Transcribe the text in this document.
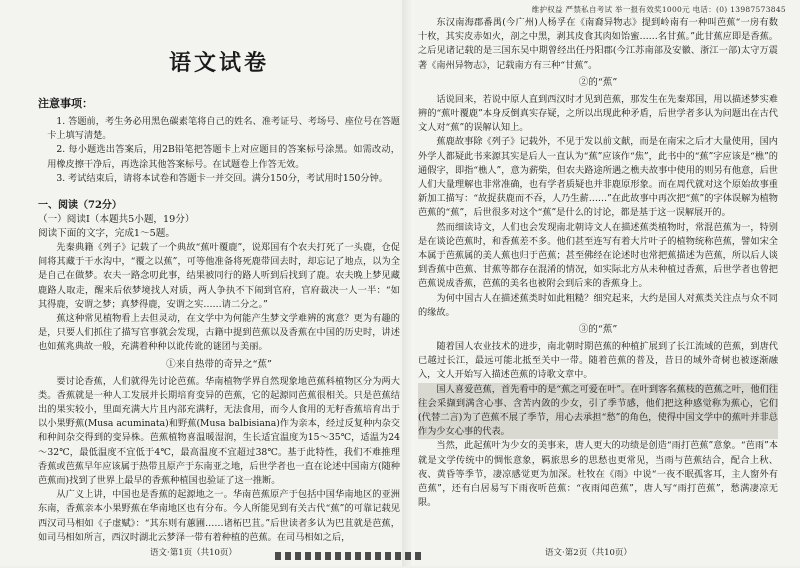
维护权益 严禁私自考试 举一报有效奖1000元 电话：(0) 13987573845
语文试卷
注意事项：

1. 答题前，考生务必用黑色碳素笔将自己的姓名、准考证号、考场号、座位号在答题卡上填写清楚。

2. 每小题选出答案后，用2B铅笔把答题卡上对应题目的答案标号涂黑。如需改动，用橡皮擦干净后，再选涂其他答案标号。在试题卷上作答无效。

3. 考试结束后，请将本试卷和答题卡一并交回。满分150分，考试用时150分钟。

一、阅读（72分）

（一）阅读Ⅰ（本题共5小题，19分）

阅读下面的文字，完成1～5题。

先秦典籍《列子》记载了一个典故“蕉叶覆鹿”，说郑国有个农夫打死了一头鹿，仓促间将其藏于干水沟中，“覆之以蕉”，可等他准备将死鹿带回去时，却忘记了地点，以为全是自己在做梦。农夫一路念叨此事，结果被同行的路人听到后找到了鹿。农夫晚上梦见藏鹿路人取走，醒来后依梦境找人对质，两人争执不下闹到官府，官府裁决一人一半：“如其得鹿，安谓之梦；真梦得鹿，安谓之实……请二分之。”

蕉这种常见植物看上去但灵动，在文学中为何能产生梦文学难辨的寓意？更为有趣的是，只要人们抓住了描写官事就会发现，古籍中提到芭蕉以及香蕉在中国的历史时，讲述也如蕉兆典故一般，充满着种种以讹传讹的谜团与美丽。

①来自热带的奇异之“蕉”

要讨论香蕉，人们就得先讨论芭蕉。华南植物学界自然现象地芭蕉科植物区分为两大类。香蕉就是一种人工发展并长期培育变异的芭蕉，它的起源同芭蕉很相关。只是芭蕉结出的果实较小，里面充满大片且内部充满籽，无法食用，而今人食用的无籽香蕉培育出于以小果野蕉(Musa acuminata)和野蕉(Musa balbisiana)作为亲本，经过反复种内杂交和种间杂交得到的变异株。芭蕉植物喜温暖湿润，生长适宜温度为15～35℃，适温为24～32℃，最低温度不宜低于4℃，最高温度不宜超过38℃。基于此特性，我们不难推理香蕉或芭蕉早年应该属于热带且原产于东南亚之地，后世学者也一直在论述中国南方(随种芭蕉而)找到了世界上最早的香蕉种植国也验证了这一推断。

从广义上讲，中国也是香蕉的起源地之一。华南芭蕉原产于包括中国华南地区的亚洲东南，香蕉亲本小果野蕉在华南地区也有分布。今人所能见到有关古代“蕉”的可靠记载见西汉司马相如《子虚赋》：“其东则有蕙圃……诸柘巴苴。”后世读者多认为巴苴就是芭蕉，如司马相如所言，西汉时湖北云梦泽一带有着种植的芭蕉。在司马相如之后，

东汉南海郡番禺(今广州)人杨孚在《南裔异物志》提到岭南有一种叫芭蕉“一房有数十枚，其实皮赤如火，剖之中黑，剥其皮食其肉如饴蜜……名甘蕉。”此甘蕉应即是香蕉。之后见诸记载的是三国东吴中期曾经出任丹阳郡(今江苏南部及安徽、浙江一部)太守万震著《南州异物志》，记载南方有三种“甘蕉”。

②的“蕉”

话说回来，若说中原人直到西汉时才见到芭蕉，那发生在先秦郑国，用以描述梦实难辨的“蕉叶覆鹿”本身反倒真实存疑，之所以出现此种矛盾，后世学者多认为问题出在古代文人对“蕉”的误解认知上。

蕉鹿故事除《列子》记载外，不见于发以前文献，而是在南宋之后才大量使用，国内外学人都疑此书来源其实是后人一直认为“蕉”应该作“焦”，此书中的“蕉”字应该是“樵”的通假字，即指“樵人”，意为薪柴，但农夫路途所遇之樵夫故事中使用的则另有他意，后世人们大量理解也非常准确，也有学者质疑也并非鹿原形象。而在周代就对这个原始故事重新加工描写：“故捉获鹿而不吞，人乃生薪……”在此故事中再次把“蕉”的字体误解为植物芭蕉的“蕉”，后世很多对这个“蕉”是什么的讨论，都是基于这一误解展开的。

然而细读诗文，人们也会发现南北朝诗文人在描述蕉类植物时，常混芭蕉为一，特别是在谈论芭蕉时，和香蕉差不多。他们甚至连写有着大片叶子的植物统称芭蕉，譬如宋全本属于芭蕉属的美人蕉也归于芭蕉；甚至佛经在论述时也常把蕉描述为芭蕉，所以后人谈到香蕉中芭蕉、甘蕉等都存在混淆的情况，如实际北方从未种植过香蕉，后世学者也曾把芭蕉说成香蕉，芭蕉的美名也被附会到后来的香蕉身上。

为何中国古人在描述蕉类时如此粗糙？细究起来，大约是国人对蕉类关注点与众不同的缘故。

③的“蕉”

随着国人农业技术的进步，南北朝时期芭蕉的种植扩展到了长江流域的芭蕉，到唐代已越过长江，最远可能北抵至关中一带。随着芭蕉的普及，昔日的域外奇树也被逐渐融入，文人开始写入描述芭蕉的诗歌文章中。

国人喜爱芭蕉，首先看中的是“蕉之可爱在叶”。在叶到客名蕉枝的芭蕉之叶，他们往往会采撷到满含心事、含苦内敛的少女，引了季节感，他们把这种感觉称为蕉心，它们(代替二言)为了芭蕉不展了季节，用心去承担“愁”的角色，使得中国文学中的蕉叶并非总作为少女心事的代表。

当然，此起蕉叶为少女的美事来，唐人更大的功绩是创造“雨打芭蕉”意象。“芭雨”本就是文学传统中的惆怅意象，羁旅思乡的思愁也更常见，当雨与芭蕉结合，配合上秋、夜、黄昏等季节，凄凉感觉更为加深。杜牧在《雨》中说“一夜不眠孤客耳，主人窗外有芭蕉”，还有白居易写下雨夜听芭蕉：“夜雨闻芭蕉”，唐人写“雨打芭蕉”，愁满凄凉无限。

语文·第1页（共10页）	语文·第2页（共10页）
